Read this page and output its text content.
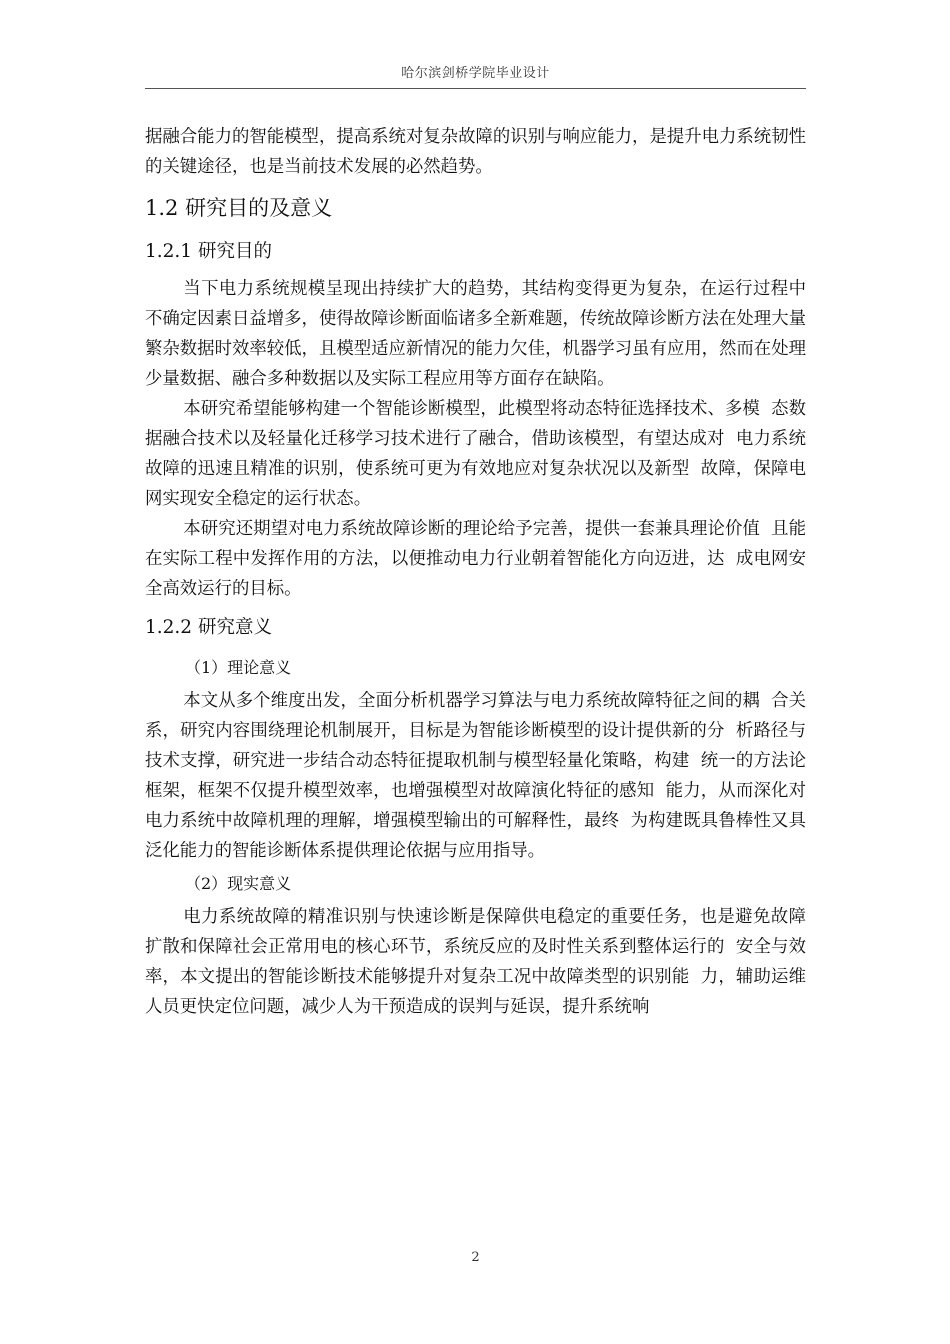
哈尔滨剑桥学院毕业设计

据融合能力的智能模型，提高系统对复杂故障的识别与响应能力，是提升电力系统韧性的关键途径，也是当前技术发展的必然趋势。

1.2 研究目的及意义
1.2.1 研究目的

当下电力系统规模呈现出持续扩大的趋势，其结构变得更为复杂，在运行过程中不确定因素日益增多，使得故障诊断面临诸多全新难题，传统故障诊断方法在处理大量繁杂数据时效率较低，且模型适应新情况的能力欠佳，机器学习虽有应用，然而在处理少量数据、融合多种数据以及实际工程应用等方面存在缺陷。

本研究希望能够构建一个智能诊断模型，此模型将动态特征选择技术、多模  态数据融合技术以及轻量化迁移学习技术进行了融合，借助该模型，有望达成对  电力系统故障的迅速且精准的识别，使系统可更为有效地应对复杂状况以及新型  故障，保障电网实现安全稳定的运行状态。

本研究还期望对电力系统故障诊断的理论给予完善，提供一套兼具理论价值  且能在实际工程中发挥作用的方法，以便推动电力行业朝着智能化方向迈进，达  成电网安全高效运行的目标。

1.2.2 研究意义

（1）理论意义

本文从多个维度出发，全面分析机器学习算法与电力系统故障特征之间的耦  合关系，研究内容围绕理论机制展开，目标是为智能诊断模型的设计提供新的分  析路径与技术支撑，研究进一步结合动态特征提取机制与模型轻量化策略，构建  统一的方法论框架，框架不仅提升模型效率，也增强模型对故障演化特征的感知  能力，从而深化对电力系统中故障机理的理解，增强模型输出的可解释性，最终  为构建既具鲁棒性又具泛化能力的智能诊断体系提供理论依据与应用指导。

（2）现实意义

电力系统故障的精准识别与快速诊断是保障供电稳定的重要任务，也是避免故障扩散和保障社会正常用电的核心环节，系统反应的及时性关系到整体运行的  安全与效率，本文提出的智能诊断技术能够提升对复杂工况中故障类型的识别能  力，辅助运维人员更快定位问题，减少人为干预造成的误判与延误，提升系统响

2
